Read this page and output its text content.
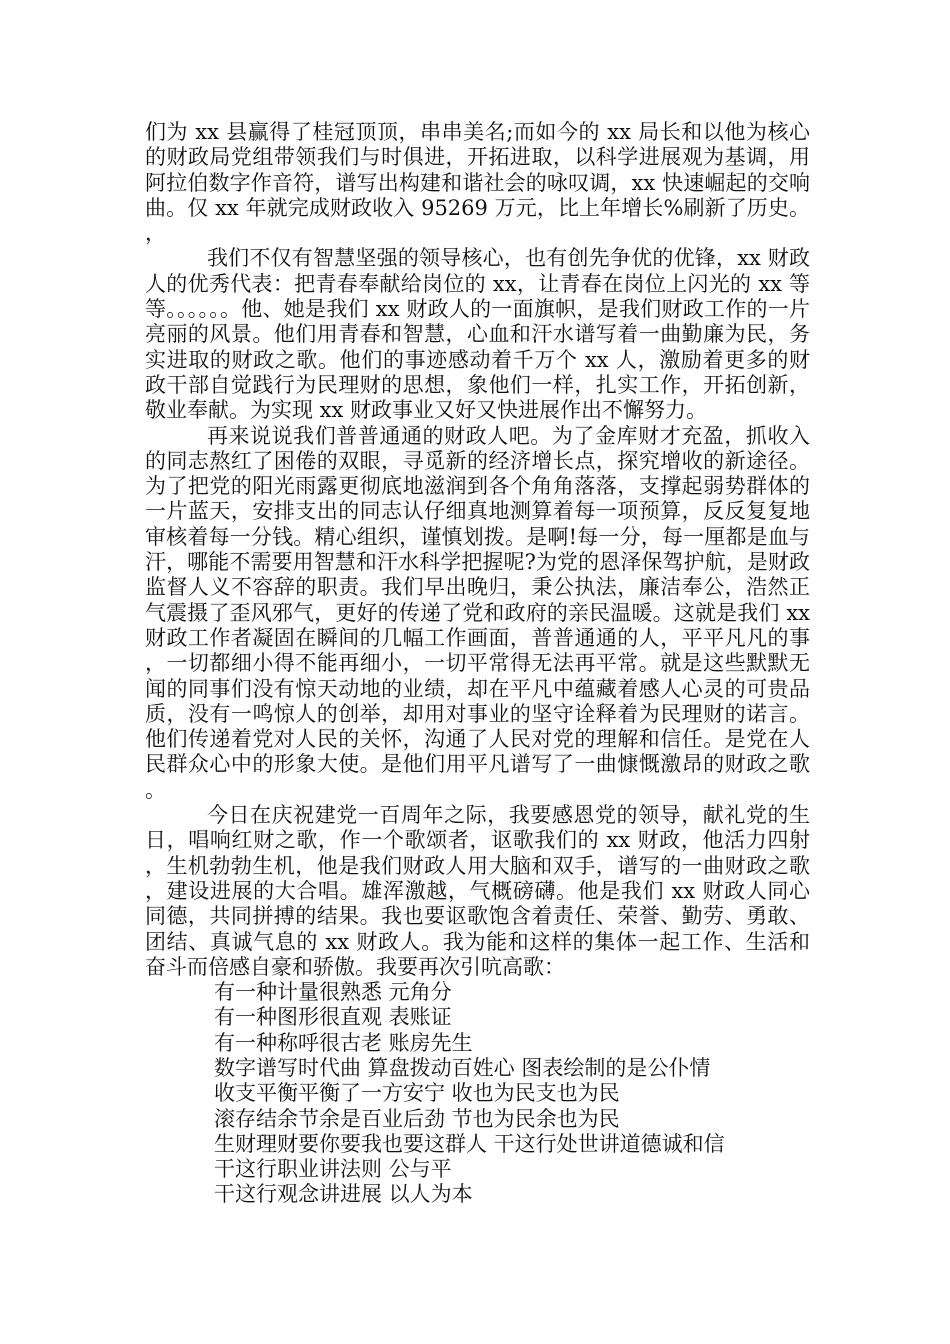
们为 xx 县赢得了桂冠顶顶，串串美名;而如今的 xx 局长和以他为核心的财政局党组带领我们与时俱进，开拓进取，以科学进展观为基调，用阿拉伯数字作音符，谱写出构建和谐社会的咏叹调，xx 快速崛起的交响曲。仅 xx 年就完成财政收入 95269 万元，比上年增长%刷新了历史。 ，

我们不仅有智慧坚强的领导核心，也有创先争优的优锋，xx 财政人的优秀代表：把青春奉献给岗位的 xx，让青春在岗位上闪光的 xx 等等。。。。。。他、她是我们 xx 财政人的一面旗帜，是我们财政工作的一片亮丽的风景。他们用青春和智慧，心血和汗水谱写着一曲勤廉为民，务实进取的财政之歌。他们的事迹感动着千万个 xx 人，激励着更多的财政干部自觉践行为民理财的思想，象他们一样，扎实工作，开拓创新，敬业奉献。为实现 xx 财政事业又好又快进展作出不懈努力。

再来说说我们普普通通的财政人吧。为了金库财才充盈，抓收入的同志熬红了困倦的双眼，寻觅新的经济增长点，探究增收的新途径。为了把党的阳光雨露更彻底地滋润到各个角角落落，支撑起弱势群体的一片蓝天，安排支出的同志认仔细真地测算着每一项预算，反反复复地审核着每一分钱。精心组织，谨慎划拨。是啊!每一分，每一厘都是血与汗，哪能不需要用智慧和汗水科学把握呢?为党的恩泽保驾护航，是财政监督人义不容辞的职责。我们早出晚归，秉公执法，廉洁奉公，浩然正气震摄了歪风邪气，更好的传递了党和政府的亲民温暖。这就是我们 xx 财政工作者凝固在瞬间的几幅工作画面，普普通通的人，平平凡凡的事，一切都细小得不能再细小，一切平常得无法再平常。就是这些默默无闻的同事们没有惊天动地的业绩，却在平凡中蕴藏着感人心灵的可贵品质，没有一鸣惊人的创举，却用对事业的坚守诠释着为民理财的诺言。他们传递着党对人民的关怀，沟通了人民对党的理解和信任。是党在人民群众心中的形象大使。是他们用平凡谱写了一曲慷慨激昂的财政之歌。

今日在庆祝建党一百周年之际，我要感恩党的领导，献礼党的生日，唱响红财之歌，作一个歌颂者，讴歌我们的 xx 财政，他活力四射，生机勃勃生机，他是我们财政人用大脑和双手，谱写的一曲财政之歌，建设进展的大合唱。雄浑激越，气概磅礴。他是我们 xx 财政人同心同德，共同拼搏的结果。我也要讴歌饱含着责任、荣誉、勤劳、勇敢、团结、真诚气息的 xx 财政人。我为能和这样的集体一起工作、生活和奋斗而倍感自豪和骄傲。我要再次引吭高歌：

有一种计量很熟悉 元角分

有一种图形很直观 表账证

有一种称呼很古老 账房先生

数字谱写时代曲 算盘拨动百姓心 图表绘制的是公仆情

收支平衡平衡了一方安宁 收也为民支也为民

滚存结余节余是百业后劲 节也为民余也为民

生财理财要你要我也要这群人 干这行处世讲道德诚和信

干这行职业讲法则 公与平

干这行观念讲进展 以人为本
